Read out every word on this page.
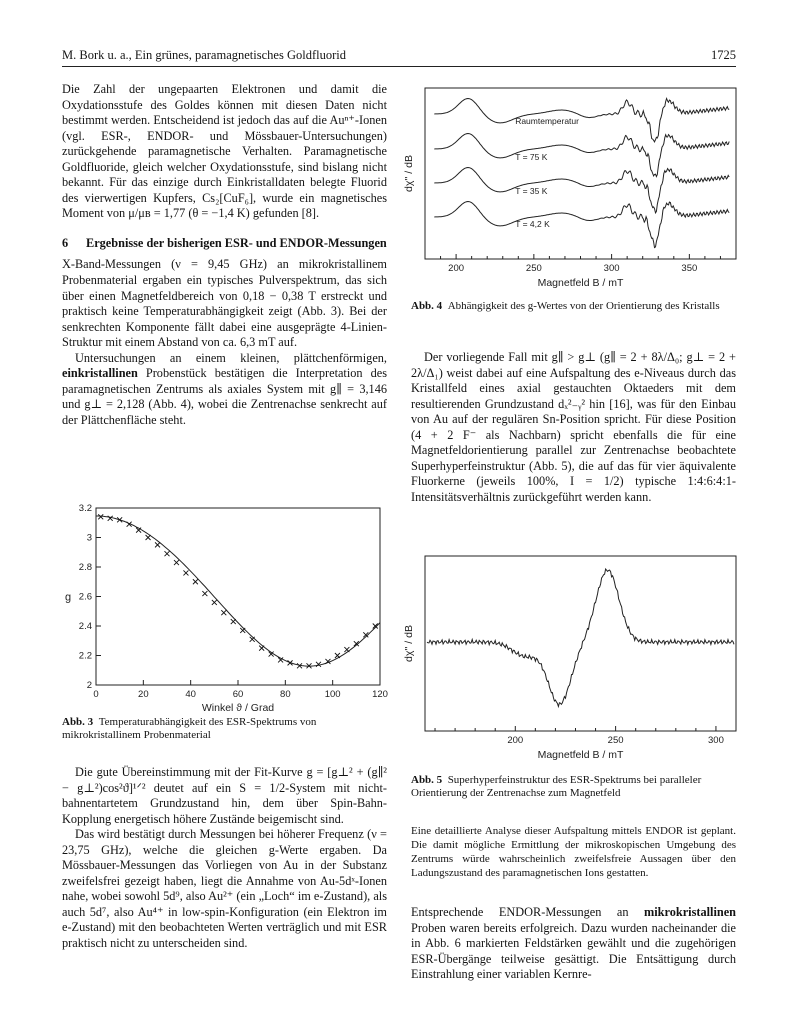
M. Bork u. a., Ein grünes, paramagnetisches Goldfluorid	1725

Die Zahl der ungepaarten Elektronen und damit die Oxydationsstufe des Goldes können mit diesen Daten nicht bestimmt werden. Entscheidend ist jedoch das auf die Auⁿ⁺-Ionen (vgl. ESR-, ENDOR- und Mössbauer-Untersuchungen) zurückgehende paramagnetische Verhalten. Paramagnetische Goldfluoride, gleich welcher Oxydationsstufe, sind bislang nicht bekannt. Für das einzige durch Einkristalldaten belegte Fluorid des vierwertigen Kupfers, Cs₂[CuF₆], wurde ein magnetisches Moment von μ/μʙ = 1,77 (θ = −1,4 K) gefunden [8].

6 Ergebnisse der bisherigen ESR- und ENDOR-Messungen

X-Band-Messungen (ν = 9,45 GHz) an mikrokristallinem Probenmaterial ergaben ein typisches Pulverspektrum, das sich über einen Magnetfeldbereich von 0,18 − 0,38 T erstreckt und praktisch keine Temperaturabhängigkeit zeigt (Abb. 3). Bei der senkrechten Komponente fällt dabei eine ausgeprägte 4-Linien-Struktur mit einem Abstand von ca. 6,3 mT auf.

Untersuchungen an einem kleinen, plättchenförmigen, einkristallinen Probenstück bestätigen die Interpretation des paramagnetischen Zentrums als axiales System mit g∥ = 3,146 und g⊥ = 2,128 (Abb. 4), wobei die Zentrenachse senkrecht auf der Plättchenfläche steht.

0	20	40	60	80	100	120
2
2.2
2.4
2.6
2.8
3
3.2
g
Winkel ϑ / Grad
Abb. 3 Temperaturabhängigkeit des ESR-Spektrums von mikrokristallinem Probenmaterial

Die gute Übereinstimmung mit der Fit-Kurve g = [g⊥² + (g∥² − g⊥²)cos²ϑ]¹ᐟ² deutet auf ein S = 1/2-System mit nicht-bahnentartetem Grundzustand hin, dem über Spin-Bahn-Kopplung energetisch höhere Zustände beigemischt sind.

Das wird bestätigt durch Messungen bei höherer Frequenz (ν = 23,75 GHz), welche die gleichen g-Werte ergaben. Da Mössbauer-Messungen das Vorliegen von Au in der Substanz zweifelsfrei gezeigt haben, liegt die Annahme von Au-5dˣ-Ionen nahe, wobei sowohl 5d⁹, also Au²⁺ (ein „Loch“ im e-Zustand), als auch 5d⁷, also Au⁴⁺ in low-spin-Konfiguration (ein Elektron im e-Zustand) mit den beobachteten Werten verträglich und mit ESR praktisch nicht zu unterscheiden sind.

200	250	300	350
Magnetfeld B / mT
dχ'' / dB
Raumtemperatur
T = 75 K
T = 35 K
T = 4,2 K
Abb. 4 Abhängigkeit des g-Wertes von der Orientierung des Kristalls

Der vorliegende Fall mit g∥ > g⊥ (g∥ = 2 + 8λ/Δ₀; g⊥ = 2 + 2λ/Δ₁) weist dabei auf eine Aufspaltung des e-Niveaus durch das Kristallfeld eines axial gestauchten Oktaeders mit dem resultierenden Grundzustand dₓ²₋ᵧ² hin [16], was für den Einbau von Au auf der regulären Sn-Position spricht. Für diese Position (4 + 2 F⁻ als Nachbarn) spricht ebenfalls die für eine Magnetfeldorientierung parallel zur Zentrenachse beobachtete Superhyperfeinstruktur (Abb. 5), die auf das für vier äquivalente Fluorkerne (jeweils 100%, I = 1/2) typische 1:4:6:4:1-Intensitätsverhältnis zurückgeführt werden kann.

200	250	300
Magnetfeld B / mT
dχ'' / dB
Abb. 5 Superhyperfeinstruktur des ESR-Spektrums bei paralleler Orientierung der Zentrenachse zum Magnetfeld

Eine detaillierte Analyse dieser Aufspaltung mittels ENDOR ist geplant. Die damit mögliche Ermittlung der mikroskopischen Umgebung des Zentrums würde wahrscheinlich zweifelsfreie Aussagen über den Ladungszustand des paramagnetischen Ions gestatten.

Entsprechende ENDOR-Messungen an mikrokristallinen Proben waren bereits erfolgreich. Dazu wurden nacheinander die in Abb. 6 markierten Feldstärken gewählt und die zugehörigen ESR-Übergänge teilweise gesättigt. Die Entsättigung durch Einstrahlung einer variablen Kernre-
